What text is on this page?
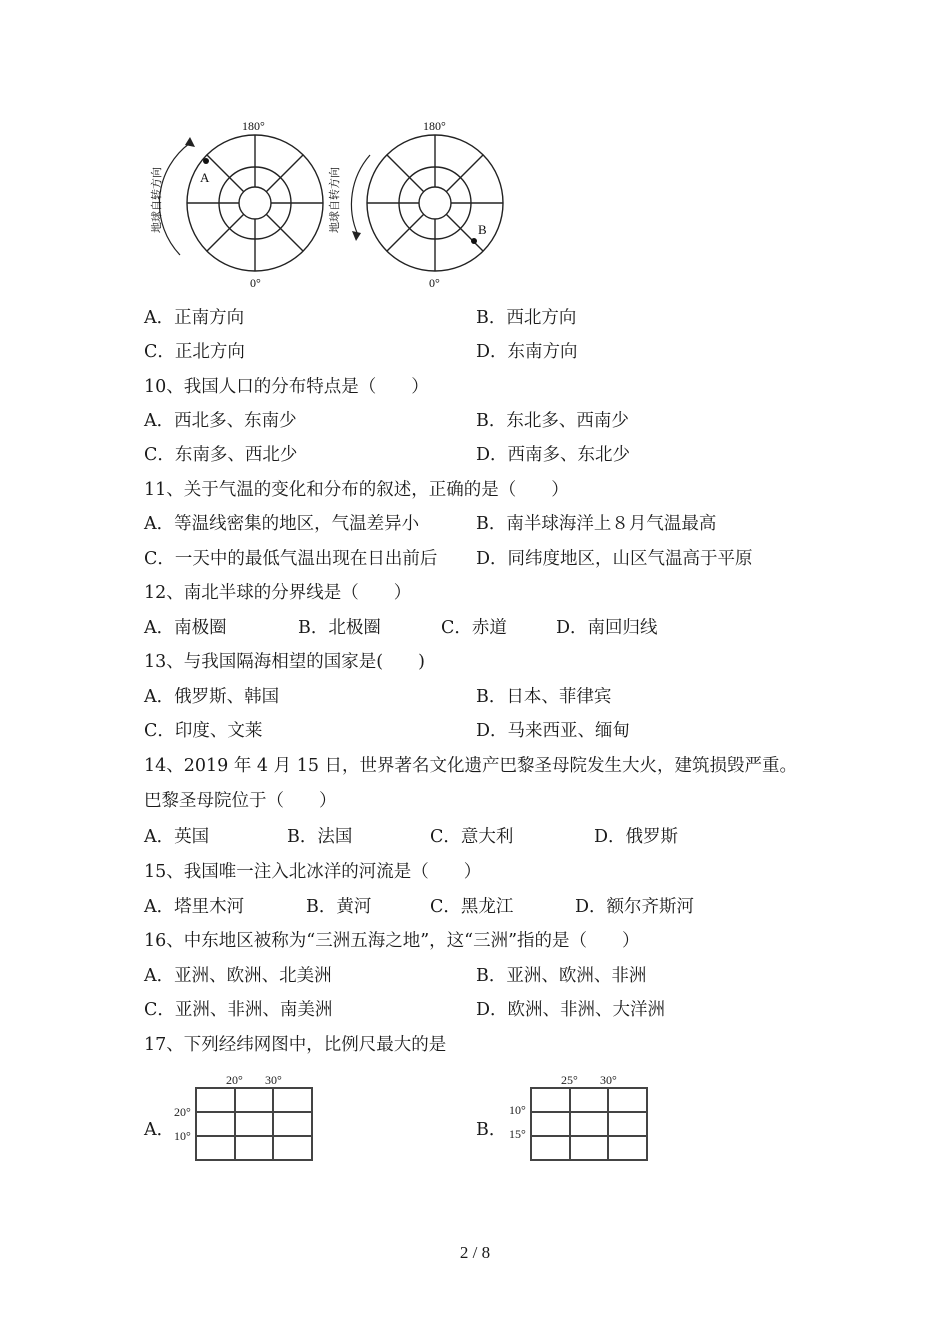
A
180°
0°
地球自转方向	B
180°
0°
地球自转方向
A．正南方向	B．西北方向
C．正北方向	D．东南方向
10、我国人口的分布特点是（　　）
A．西北多、东南少	B．东北多、西南少
C．东南多、西北少	D．西南多、东北少
11、关于气温的变化和分布的叙述，正确的是（　　）
A．等温线密集的地区，气温差异小	B．南半球海洋上８月气温最高
C．一天中的最低气温出现在日出前后 D．同纬度地区，山区气温高于平原
12、南北半球的分界线是（　　）
A．南极圈	B．北极圈	C．赤道	D．南回归线
13、与我国隔海相望的国家是(　　)
A．俄罗斯、韩国	B．日本、菲律宾
C．印度、文莱	D．马来西亚、缅甸
14、2019 年 4 月 15 日，世界著名文化遗产巴黎圣母院发生大火，建筑损毁严重。
巴黎圣母院位于（　　）
A．英国	B．法国	C．意大利	D．俄罗斯
15、我国唯一注入北冰洋的河流是（　　）
A．塔里木河	B．黄河	C．黑龙江	D．额尔齐斯河
16、中东地区被称为“三洲五海之地”，这“三洲”指的是（　　）
A．亚洲、欧洲、北美洲	B．亚洲、欧洲、非洲
C．亚洲、非洲、南美洲	D．欧洲、非洲、大洋洲
17、下列经纬网图中，比例尺最大的是
A．	B．
20° 30°
20°
10°
25° 30°
10°
15°
2 / 8
